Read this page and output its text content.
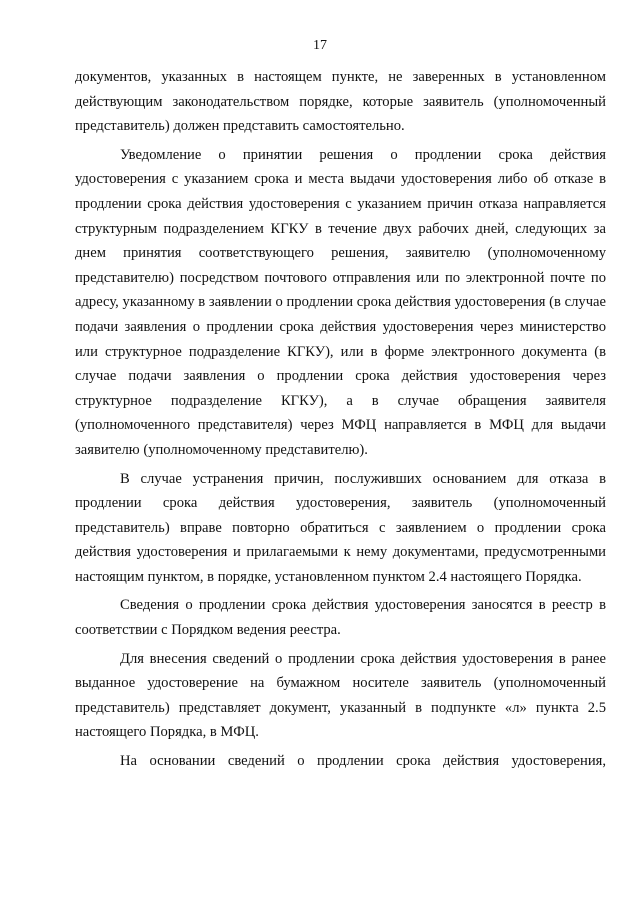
17

документов, указанных в настоящем пункте, не заверенных в установленном действующим законодательством порядке, которые заявитель (уполномоченный представитель) должен представить самостоятельно.

Уведомление о принятии решения о продлении срока действия удостоверения с указанием срока и места выдачи удостоверения либо об отказе в продлении срока действия удостоверения с указанием причин отказа направляется структурным подразделением КГКУ в течение двух рабочих дней, следующих за днем принятия соответствующего решения, заявителю (уполномоченному представителю) посредством почтового отправления или по электронной почте по адресу, указанному в заявлении о продлении срока действия удостоверения (в случае подачи заявления о продлении срока действия удостоверения через министерство или структурное подразделение КГКУ), или в форме электронного документа (в случае подачи заявления о продлении срока действия удостоверения через структурное подразделение КГКУ), а в случае обращения заявителя (уполномоченного представителя) через МФЦ направляется в МФЦ для выдачи заявителю (уполномоченному представителю).

В случае устранения причин, послуживших основанием для отказа в продлении срока действия удостоверения, заявитель (уполномоченный представитель) вправе повторно обратиться с заявлением о продлении срока действия удостоверения и прилагаемыми к нему документами, предусмотренными настоящим пунктом, в порядке, установленном пунктом 2.4 настоящего Порядка.

Сведения о продлении срока действия удостоверения заносятся в реестр в соответствии с Порядком ведения реестра.

Для внесения сведений о продлении срока действия удостоверения в ранее выданное удостоверение на бумажном носителе заявитель (уполномоченный представитель) представляет документ, указанный в подпункте «л» пункта 2.5 настоящего Порядка, в МФЦ.

На основании сведений о продлении срока действия удостоверения,
